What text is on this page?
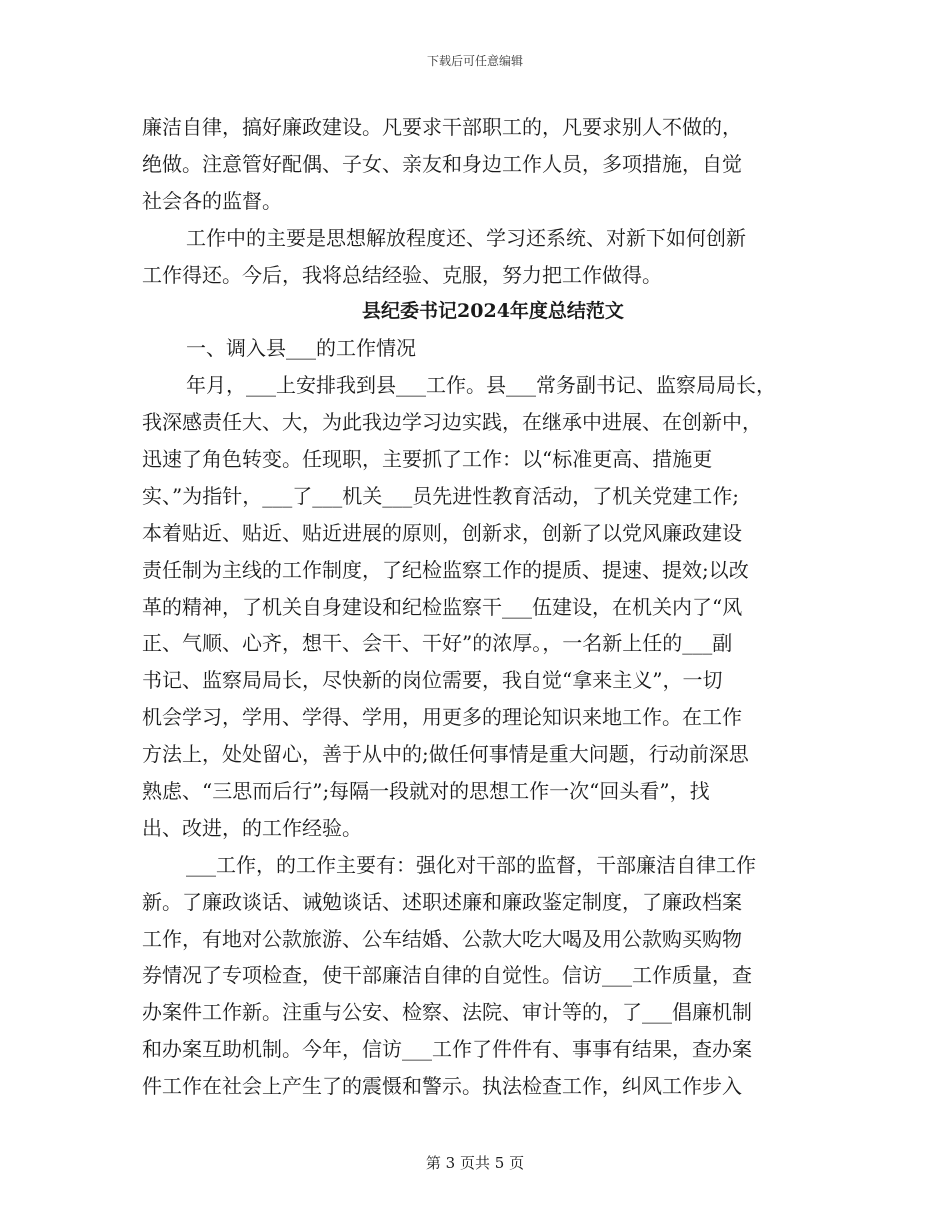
下载后可任意编辑
廉洁自律，搞好廉政建设。凡要求干部职工的，凡要求别人不做的，
绝做。注意管好配偶、子女、亲友和身边工作人员，多项措施，自觉
社会各的监督。
工作中的主要是思想解放程度还、学习还系统、对新下如何创新
工作得还。今后，我将总结经验、克服，努力把工作做得。
县纪委书记2024年度总结范文
一、调入县___的工作情况
年月，___上安排我到县___工作。县___常务副书记、监察局局长，
我深感责任大、大，为此我边学习边实践，在继承中进展、在创新中，
迅速了角色转变。任现职，主要抓了工作：以“标准更高、措施更
实、”为指针，___了___机关___员先进性教育活动，了机关党建工作;
本着贴近、贴近、贴近进展的原则，创新求，创新了以党风廉政建设
责任制为主线的工作制度，了纪检监察工作的提质、提速、提效;以改
革的精神，了机关自身建设和纪检监察干___伍建设，在机关内了“风
正、气顺、心齐，想干、会干、干好”的浓厚。，一名新上任的___副
书记、监察局局长，尽快新的岗位需要，我自觉“拿来主义”，一切
机会学习，学用、学得、学用，用更多的理论知识来地工作。在工作
方法上，处处留心，善于从中的;做任何事情是重大问题，行动前深思
熟虑、“三思而后行”;每隔一段就对的思想工作一次“回头看”，找
出、改进，的工作经验。
___工作，的工作主要有：强化对干部的监督，干部廉洁自律工作
新。了廉政谈话、诫勉谈话、述职述廉和廉政鉴定制度，了廉政档案
工作，有地对公款旅游、公车结婚、公款大吃大喝及用公款购买购物
券情况了专项检查，使干部廉洁自律的自觉性。信访___工作质量，查
办案件工作新。注重与公安、检察、法院、审计等的，了___倡廉机制
和办案互助机制。今年，信访___工作了件件有、事事有结果，查办案
件工作在社会上产生了的震慑和警示。执法检查工作，纠风工作步入
第 3 页共 5 页
